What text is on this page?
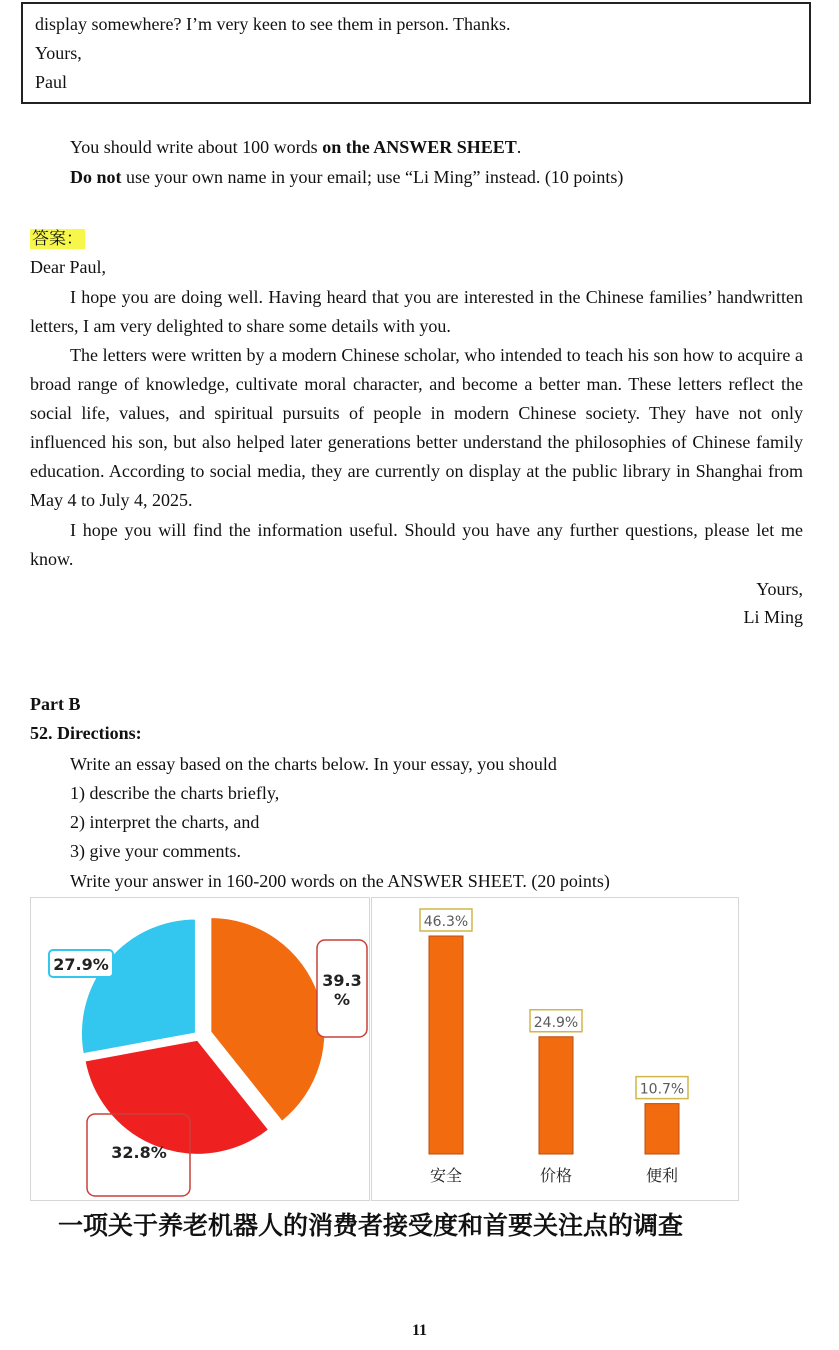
display somewhere? I’m very keen to see them in person. Thanks.
Yours,
Paul
You should write about 100 words on the ANSWER SHEET.
Do not use your own name in your email; use “Li Ming” instead. (10 points)
答案：
Dear Paul,
I hope you are doing well. Having heard that you are interested in the Chinese families’ handwritten letters, I am very delighted to share some details with you.
The letters were written by a modern Chinese scholar, who intended to teach his son how to acquire a broad range of knowledge, cultivate moral character, and become a better man. These letters reflect the social life, values, and spiritual pursuits of people in modern Chinese society. They have not only influenced his son, but also helped later generations better understand the philosophies of Chinese family education. According to social media, they are currently on display at the public library in Shanghai from May 4 to July 4, 2025.
I hope you will find the information useful. Should you have any further questions, please let me know.
Yours,
Li Ming
Part B
52. Directions:
Write an essay based on the charts below. In your essay, you should
1) describe the charts briefly,
2) interpret the charts, and
3) give your comments.
Write your answer in 160-200 words on the ANSWER SHEET. (20 points)
39.3
%
32.8%
27.9%
46.3%
安全
24.9%
价格
10.7%
便利
一项关于养老机器人的消费者接受度和首要关注点的调查
11
